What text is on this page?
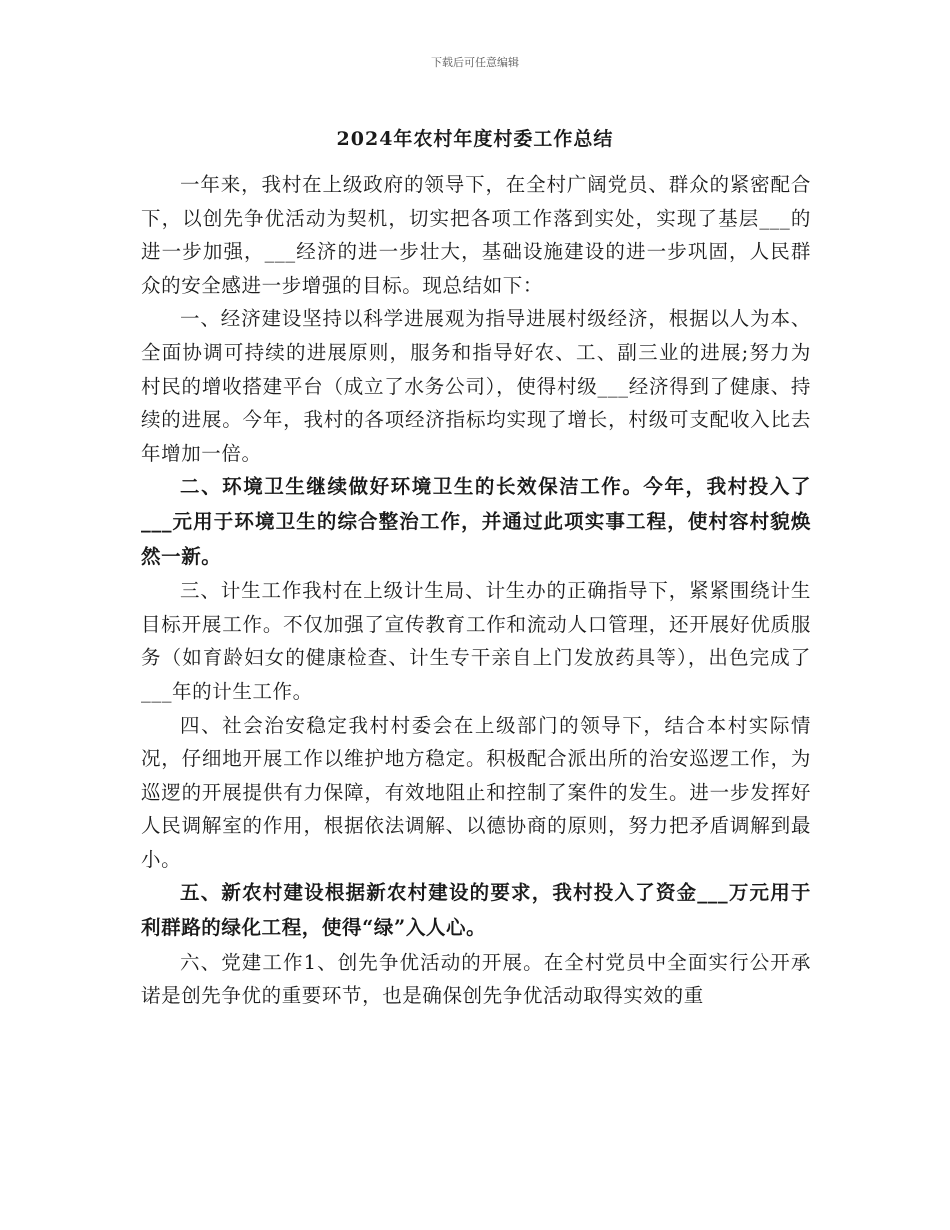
下载后可任意编辑
2024年农村年度村委工作总结

一年来，我村在上级政府的领导下，在全村广阔党员、群众的紧密配合下，以创先争优活动为契机，切实把各项工作落到实处，实现了基层___的进一步加强，___经济的进一步壮大，基础设施建设的进一步巩固，人民群众的安全感进一步增强的目标。现总结如下：

一、经济建设坚持以科学进展观为指导进展村级经济，根据以人为本、全面协调可持续的进展原则，服务和指导好农、工、副三业的进展;努力为村民的增收搭建平台（成立了水务公司），使得村级___经济得到了健康、持续的进展。今年，我村的各项经济指标均实现了增长，村级可支配收入比去年增加一倍。

二、环境卫生继续做好环境卫生的长效保洁工作。今年，我村投入了___元用于环境卫生的综合整治工作，并通过此项实事工程，使村容村貌焕然一新。

三、计生工作我村在上级计生局、计生办的正确指导下，紧紧围绕计生目标开展工作。不仅加强了宣传教育工作和流动人口管理，还开展好优质服务（如育龄妇女的健康检查、计生专干亲自上门发放药具等），出色完成了___年的计生工作。

四、社会治安稳定我村村委会在上级部门的领导下，结合本村实际情况，仔细地开展工作以维护地方稳定。积极配合派出所的治安巡逻工作，为巡逻的开展提供有力保障，有效地阻止和控制了案件的发生。进一步发挥好人民调解室的作用，根据依法调解、以德协商的原则，努力把矛盾调解到最小。

五、新农村建设根据新农村建设的要求，我村投入了资金___万元用于利群路的绿化工程，使得“绿”入人心。

六、党建工作1、创先争优活动的开展。在全村党员中全面实行公开承诺是创先争优的重要环节，也是确保创先争优活动取得实效的重
